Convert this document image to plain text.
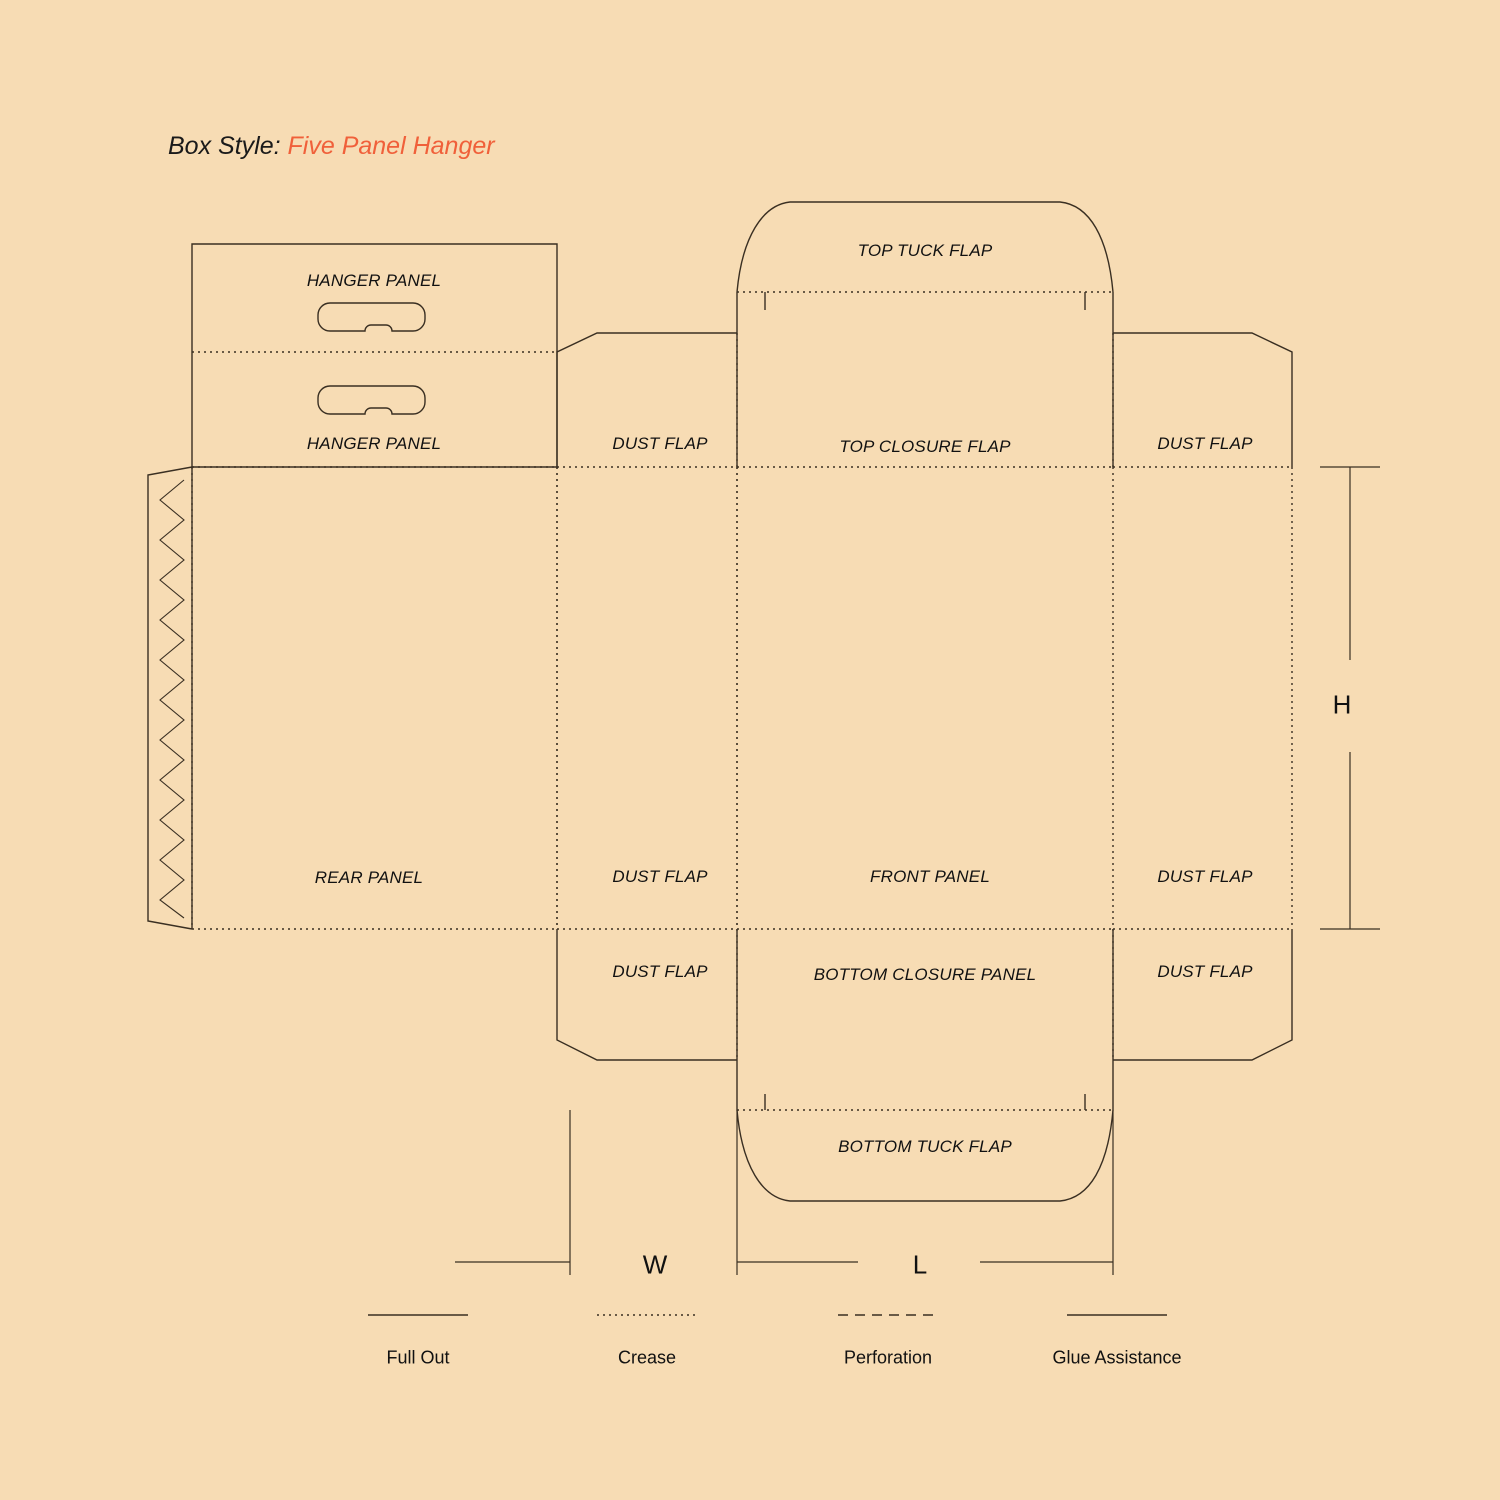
Box Style: Five Panel Hanger
HANGER PANEL
HANGER PANEL
REAR PANEL
DUST FLAP
DUST FLAP
DUST FLAP
TOP TUCK FLAP
TOP CLOSURE FLAP
FRONT PANEL
BOTTOM CLOSURE PANEL
BOTTOM TUCK FLAP
DUST FLAP
DUST FLAP
DUST FLAP
H
W	L
Full Out	Crease	Perforation	Glue Assistance
